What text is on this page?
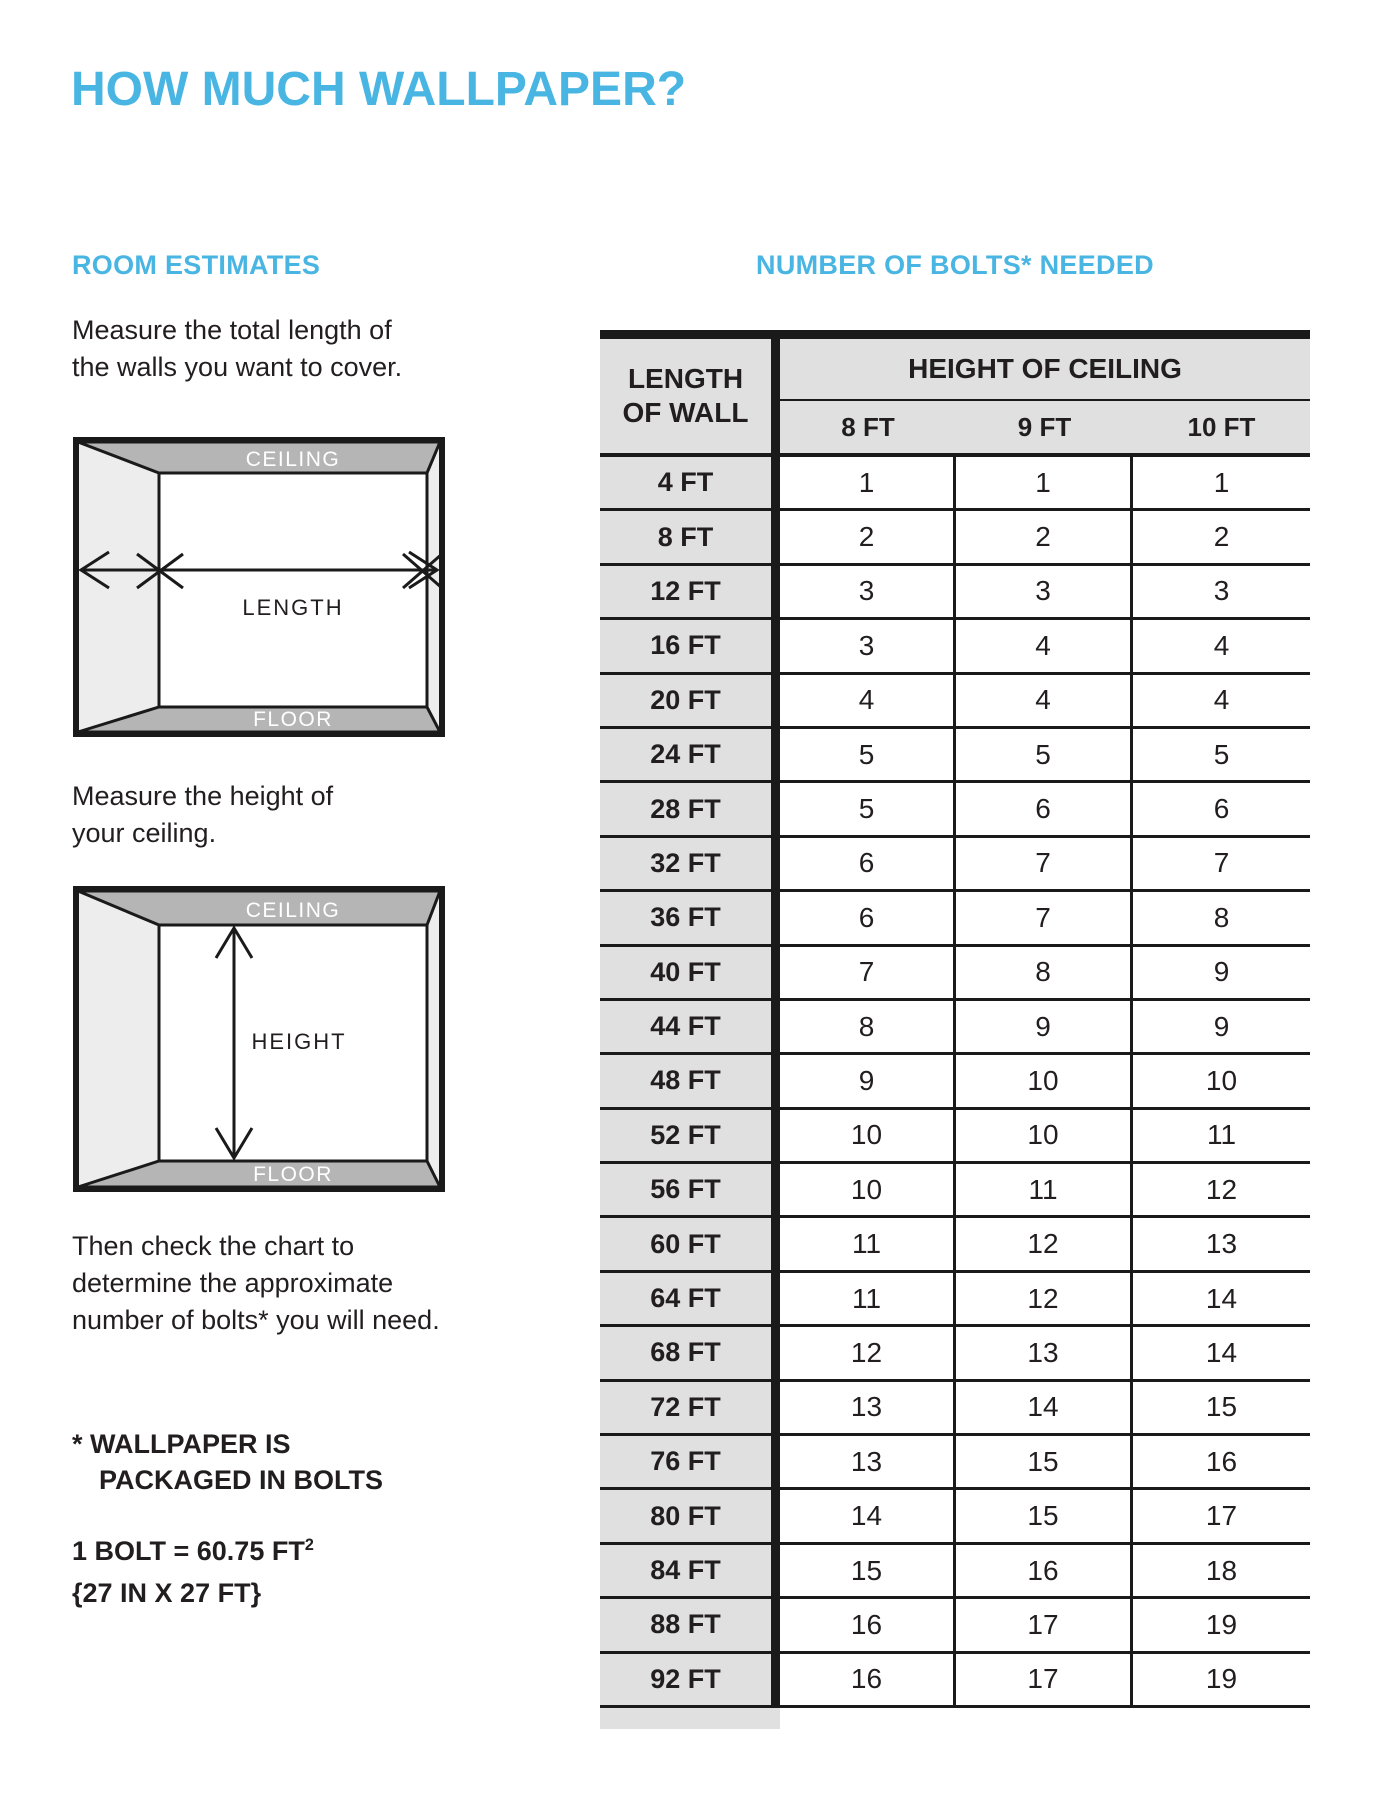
HOW MUCH WALLPAPER?
ROOM ESTIMATES

Measure the total length of
the walls you want to cover.

CEILING
FLOOR
LENGTH

Measure the height of
your ceiling.

CEILING
FLOOR
HEIGHT

Then check the chart to
determine the approximate
number of bolts* you will need.

* WALLPAPER IS
PACKAGED IN BOLTS

1 BOLT = 60.75 $FT^2$
{27 IN X 27 FT}

NUMBER OF BOLTS* NEEDED
LENGTH
OF WALL
HEIGHT OF CEILING
8 FT	9 FT	10 FT
4 FT	1	1	1
8 FT	2	2	2
12 FT	3	3	3
16 FT	3	4	4
20 FT	4	4	4
24 FT	5	5	5
28 FT	5	6	6
32 FT	6	7	7
36 FT	6	7	8
40 FT	7	8	9
44 FT	8	9	9
48 FT	9	10	10
52 FT	10	10	11
56 FT	10	11	12
60 FT	11	12	13
64 FT	11	12	14
68 FT	12	13	14
72 FT	13	14	15
76 FT	13	15	16
80 FT	14	15	17
84 FT	15	16	18
88 FT	16	17	19
92 FT	16	17	19
